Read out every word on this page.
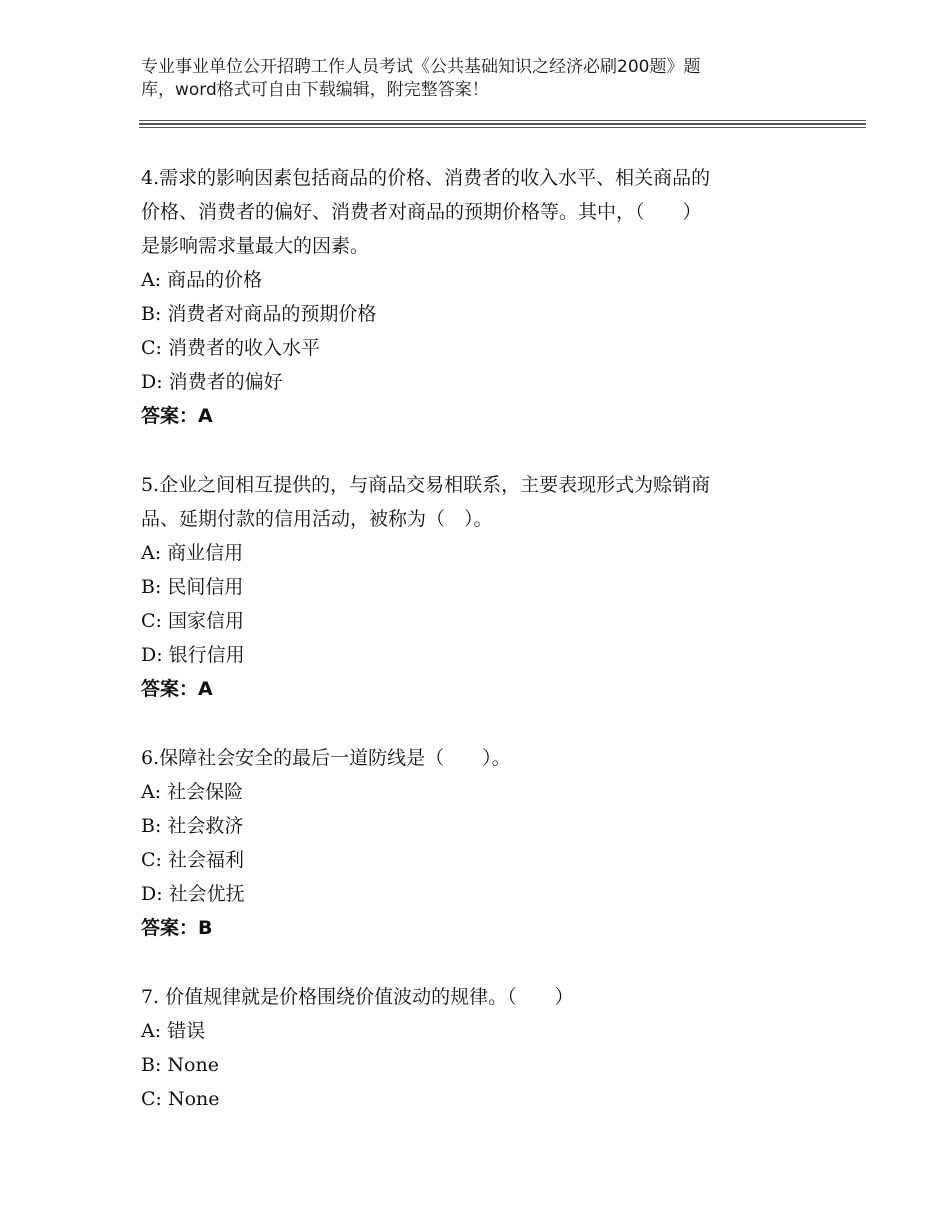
专业事业单位公开招聘工作人员考试《公共基础知识之经济必刷200题》题
库，word格式可自由下载编辑，附完整答案！
4.需求的影响因素包括商品的价格、消费者的收入水平、相关商品的
价格、消费者的偏好、消费者对商品的预期价格等。其中，（　　）
是影响需求量最大的因素。
A: 商品的价格
B: 消费者对商品的预期价格
C: 消费者的收入水平
D: 消费者的偏好
答案：A
5.企业之间相互提供的，与商品交易相联系，主要表现形式为赊销商
品、延期付款的信用活动，被称为（　）。
A: 商业信用
B: 民间信用
C: 国家信用
D: 银行信用
答案：A
6.保障社会安全的最后一道防线是（　　）。
A: 社会保险
B: 社会救济
C: 社会福利
D: 社会优抚
答案：B
7. 价值规律就是价格围绕价值波动的规律。（　　）
A: 错误
B: None
C: None
